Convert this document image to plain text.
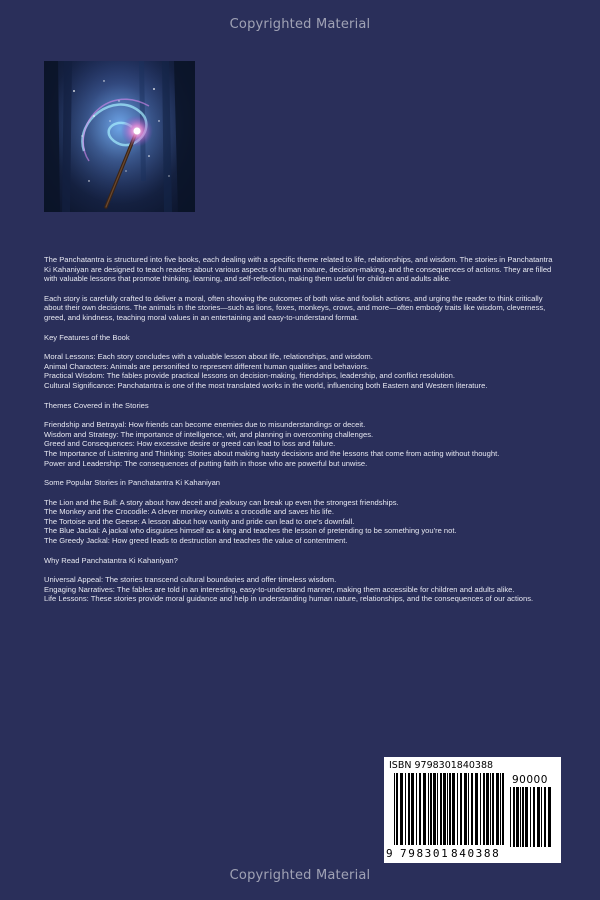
Copyrighted Material

The Panchatantra is structured into five books, each dealing with a specific theme related to life, relationships, and wisdom. The stories in Panchatantra Ki Kahaniyan are designed to teach readers about various aspects of human nature, decision-making, and the consequences of actions. They are filled with valuable lessons that promote thinking, learning, and self-reflection, making them useful for children and adults alike.

Each story is carefully crafted to deliver a moral, often showing the outcomes of both wise and foolish actions, and urging the reader to think critically about their own decisions. The animals in the stories—such as lions, foxes, monkeys, crows, and more—often embody traits like wisdom, cleverness, greed, and kindness, teaching moral values in an entertaining and easy-to-understand format.

Key Features of the Book

Moral Lessons: Each story concludes with a valuable lesson about life, relationships, and wisdom.

Animal Characters: Animals are personified to represent different human qualities and behaviors.

Practical Wisdom: The fables provide practical lessons on decision-making, friendships, leadership, and conflict resolution.

Cultural Significance: Panchatantra is one of the most translated works in the world, influencing both Eastern and Western literature.

Themes Covered in the Stories

Friendship and Betrayal: How friends can become enemies due to misunderstandings or deceit.

Wisdom and Strategy: The importance of intelligence, wit, and planning in overcoming challenges.

Greed and Consequences: How excessive desire or greed can lead to loss and failure.

The Importance of Listening and Thinking: Stories about making hasty decisions and the lessons that come from acting without thought.

Power and Leadership: The consequences of putting faith in those who are powerful but unwise.

Some Popular Stories in Panchatantra Ki Kahaniyan

The Lion and the Bull: A story about how deceit and jealousy can break up even the strongest friendships.

The Monkey and the Crocodile: A clever monkey outwits a crocodile and saves his life.

The Tortoise and the Geese: A lesson about how vanity and pride can lead to one's downfall.

The Blue Jackal: A jackal who disguises himself as a king and teaches the lesson of pretending to be something you're not.

The Greedy Jackal: How greed leads to destruction and teaches the value of contentment.

Why Read Panchatantra Ki Kahaniyan?

Universal Appeal: The stories transcend cultural boundaries and offer timeless wisdom.

Engaging Narratives: The fables are told in an interesting, easy-to-understand manner, making them accessible for children and adults alike.

Life Lessons: These stories provide moral guidance and help in understanding human nature, relationships, and the consequences of our actions.

ISBN 9798301840388
90000
9 798301 840388
Copyrighted Material
